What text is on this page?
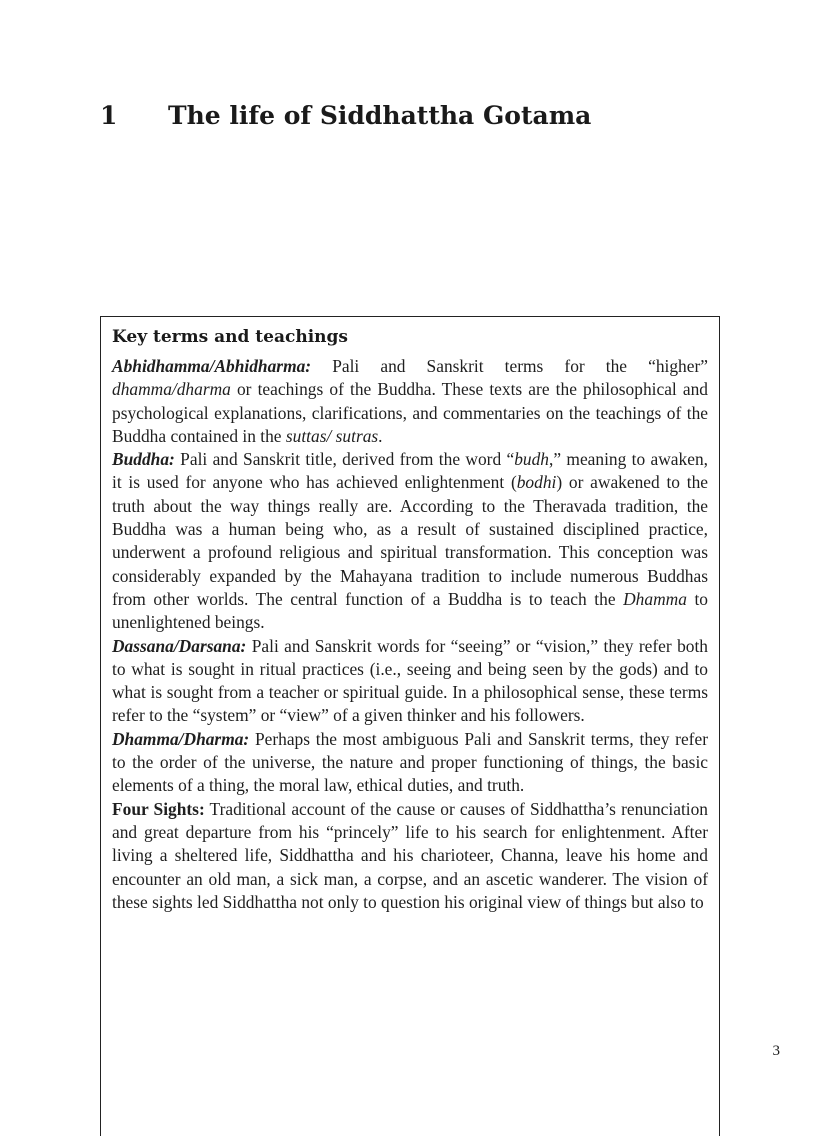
1 The life of Siddhattha Gotama
Key terms and teachings

Abhidhamma/Abhidharma: Pali and Sanskrit terms for the “higher” dhamma/dharma or teachings of the Buddha. These texts are the philosophical and psychological explanations, clarifications, and commentaries on the teachings of the Buddha contained in the suttas/ sutras.

Buddha: Pali and Sanskrit title, derived from the word “budh,” meaning to awaken, it is used for anyone who has achieved enlightenment (bodhi) or awakened to the truth about the way things really are. According to the Theravada tradition, the Buddha was a human being who, as a result of sustained disciplined practice, underwent a profound religious and spiritual transformation. This conception was considerably expanded by the Mahayana tradition to include numerous Buddhas from other worlds. The central function of a Buddha is to teach the Dhamma to unenlightened beings.

Dassana/Darsana: Pali and Sanskrit words for “seeing” or “vision,” they refer both to what is sought in ritual practices (i.e., seeing and being seen by the gods) and to what is sought from a teacher or spiritual guide. In a philosophical sense, these terms refer to the “system” or “view” of a given thinker and his followers.

Dhamma/Dharma: Perhaps the most ambiguous Pali and Sanskrit terms, they refer to the order of the universe, the nature and proper functioning of things, the basic elements of a thing, the moral law, ethical duties, and truth.

Four Sights: Traditional account of the cause or causes of Siddhattha’s renunciation and great departure from his “princely” life to his search for enlightenment. After living a sheltered life, Siddhattha and his charioteer, Channa, leave his home and encounter an old man, a sick man, a corpse, and an ascetic wanderer. The vision of these sights led Siddhattha not only to question his original view of things but also to

3
